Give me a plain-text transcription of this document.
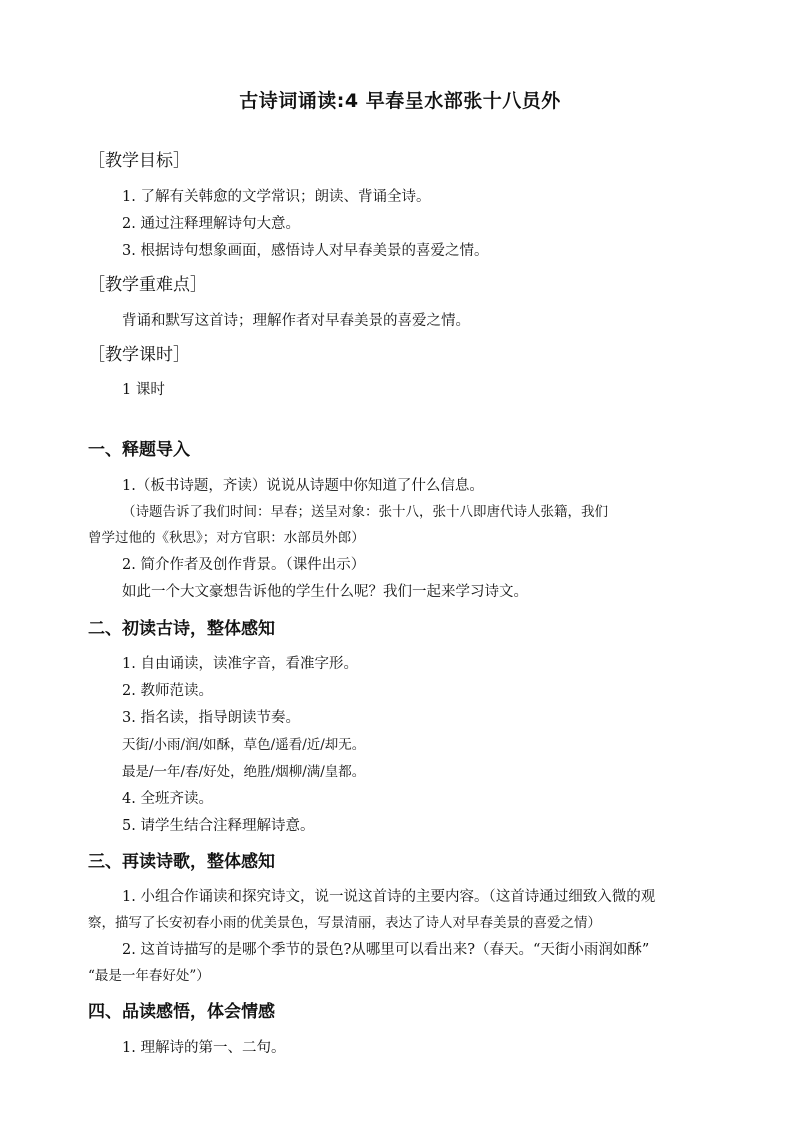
古诗词诵读:4 早春呈水部张十八员外
［教学目标］
1. 了解有关韩愈的文学常识；朗读、背诵全诗。
2. 通过注释理解诗句大意。
3. 根据诗句想象画面，感悟诗人对早春美景的喜爱之情。
［教学重难点］
背诵和默写这首诗；理解作者对早春美景的喜爱之情。
［教学课时］
1 课时
一、释题导入
1.（板书诗题，齐读）说说从诗题中你知道了什么信息。
（诗题告诉了我们时间：早春；送呈对象：张十八，张十八即唐代诗人张籍，我们
曾学过他的《秋思》；对方官职：水部员外郎）
2. 简介作者及创作背景。（课件出示）
如此一个大文豪想告诉他的学生什么呢？我们一起来学习诗文。
二、初读古诗，整体感知
1. 自由诵读，读准字音，看准字形。
2. 教师范读。
3. 指名读，指导朗读节奏。
天街/小雨/润/如酥，草色/遥看/近/却无。
最是/一年/春/好处，绝胜/烟柳/满/皇都。
4. 全班齐读。
5. 请学生结合注释理解诗意。
三、再读诗歌，整体感知
1. 小组合作诵读和探究诗文，说一说这首诗的主要内容。（这首诗通过细致入微的观
察，描写了长安初春小雨的优美景色，写景清丽，表达了诗人对早春美景的喜爱之情）
2. 这首诗描写的是哪个季节的景色?从哪里可以看出来?（春天。“天街小雨润如酥”
“最是一年春好处”）
四、品读感悟，体会情感
1. 理解诗的第一、二句。
